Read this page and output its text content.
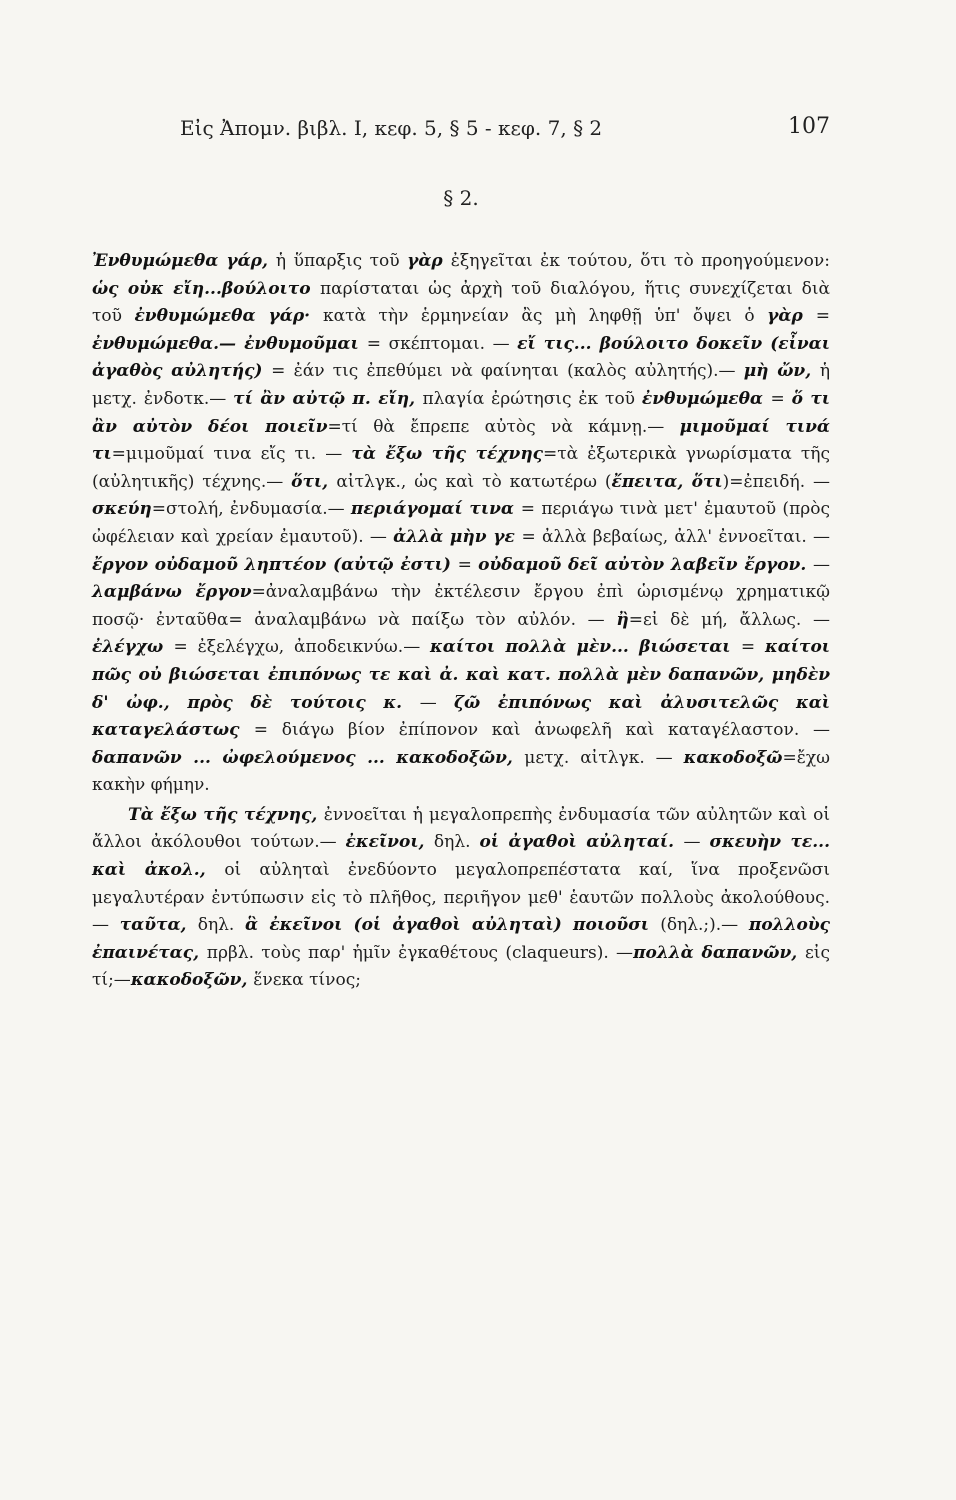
Εἰς Ἀπομν. βιβλ. Ι, κεφ. 5, § 5 - κεφ. 7, § 2	107
§ 2.

Ἐνθυμώμεθα γάρ, ἡ ὕπαρξις τοῦ γὰρ ἐξηγεῖται ἐκ τούτου, ὅτι τὸ προηγούμενον: ὡς οὐκ εἴη...βούλοιτο παρίσταται ὡς ἀρχὴ τοῦ διαλόγου, ἥτις συνεχίζεται διὰ τοῦ ἐνθυμώμεθα γάρ· κατὰ τὴν ἑρμηνείαν ἂς μὴ ληφθῇ ὑπ' ὄψει ὁ γὰρ = ἐνθυμώμεθα.— ἐνθυμοῦμαι = σκέπτομαι. — εἴ τις... βούλοιτο δοκεῖν (εἶναι ἀγαθὸς αὐλητής) = ἐάν τις ἐπεθύμει νὰ φαίνηται (καλὸς αὐλητής).— μὴ ὤν, ἡ μετχ. ἐνδοτκ.— τί ἂν αὐτῷ π. εἴη, πλαγία ἐρώτησις ἐκ τοῦ ἐνθυμώμεθα = ὅ τι ἂν αὐτὸν δέοι ποιεῖν=τί θὰ ἔπρεπε αὐτὸς νὰ κάμνῃ.— μιμοῦμαί τινά τι=μιμοῦμαί τινα εἴς τι. — τὰ ἔξω τῆς τέχνης=τὰ ἐξωτερικὰ γνωρίσματα τῆς (αὐλητικῆς) τέχνης.— ὅτι, αἰτλγκ., ὡς καὶ τὸ κατωτέρω (ἔπειτα, ὅτι)=ἐπειδή. — σκεύη=στολή, ἐνδυμασία.— περιάγομαί τινα = περιάγω τινὰ μετ' ἐμαυτοῦ (πρὸς ὠφέλειαν καὶ χρείαν ἐμαυτοῦ). — ἀλλὰ μὴν γε = ἀλλὰ βεβαίως, ἀλλ' ἐννοεῖται. — ἔργον οὐδαμοῦ ληπτέον (αὐτῷ ἐστι) = οὐδαμοῦ δεῖ αὐτὸν λαβεῖν ἔργον. — λαμβάνω ἔργον=ἀναλαμβάνω τὴν ἐκτέλεσιν ἔργου ἐπὶ ὡρισμένῳ χρηματικῷ ποσῷ· ἐνταῦθα= ἀναλαμβάνω νὰ παίξω τὸν αὐλόν. — ἢ=εἰ δὲ μή, ἄλλως. — ἐλέγχω = ἐξελέγχω, ἀποδεικνύω.— καίτοι πολλὰ μὲν... βιώσεται = καίτοι πῶς οὐ βιώσεται ἐπιπόνως τε καὶ ἀ. καὶ κατ. πολλὰ μὲν δαπανῶν, μηδὲν δ' ὠφ., πρὸς δὲ τούτοις κ. — ζῶ ἐπιπόνως καὶ ἀλυσιτελῶς καὶ καταγελάστως = διάγω βίον ἐπίπονον καὶ ἀνωφελῆ καὶ καταγέλαστον. — δαπανῶν ... ὠφελούμενος ... κακοδοξῶν, μετχ. αἰτλγκ. — κακοδοξῶ=ἔχω κακὴν φήμην.

Τὰ ἔξω τῆς τέχνης, ἐννοεῖται ἡ μεγαλοπρεπὴς ἐνδυμασία τῶν αὐλητῶν καὶ οἱ ἄλλοι ἀκόλουθοι τούτων.— ἐκεῖνοι, δηλ. οἱ ἀγαθοὶ αὐληταί. — σκευὴν τε... καὶ ἀκολ., οἱ αὐληταὶ ἐνεδύοντο μεγαλοπρεπέστατα καί, ἵνα προξενῶσι μεγαλυτέραν ἐντύπωσιν εἰς τὸ πλῆθος, περιῆγον μεθ' ἑαυτῶν πολλοὺς ἀκολούθους. — ταῦτα, δηλ. ἃ ἐκεῖνοι (οἱ ἀγαθοὶ αὐληταὶ) ποιοῦσι (δηλ.;).— πολλοὺς ἐπαινέτας, πρβλ. τοὺς παρ' ἡμῖν ἐγκαθέτους (claqueurs). —πολλὰ δαπανῶν, εἰς τί;—κακοδοξῶν, ἕνεκα τίνος;
